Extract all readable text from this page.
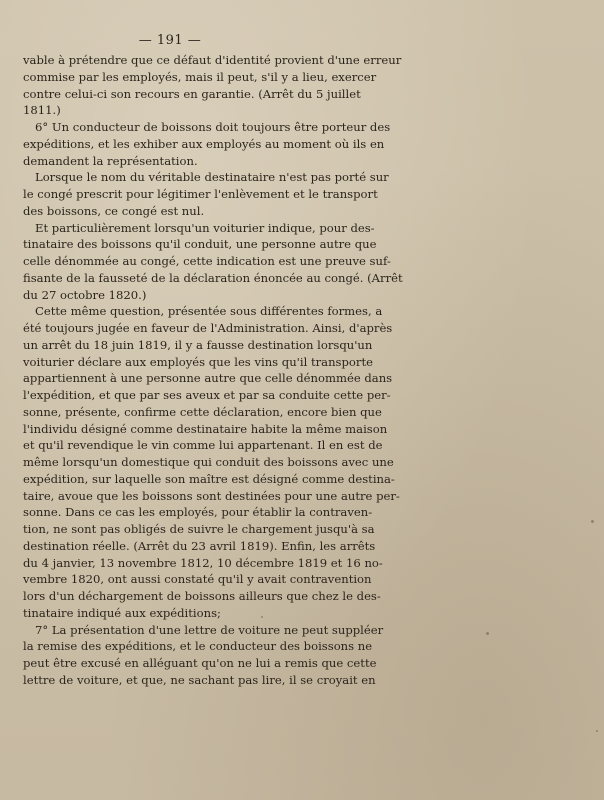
— 191 —
vable à prétendre que ce défaut d'identité provient d'une erreur
commise par les employés, mais il peut, s'il y a lieu, exercer
contre celui-ci son recours en garantie. (Arrêt du 5 juillet
1811.)
6° Un conducteur de boissons doit toujours être porteur des
expéditions, et les exhiber aux employés au moment où ils en
demandent la représentation.
Lorsque le nom du véritable destinataire n'est pas porté sur
le congé prescrit pour légitimer l'enlèvement et le transport
des boissons, ce congé est nul.
Et particulièrement lorsqu'un voiturier indique, pour des-
tinataire des boissons qu'il conduit, une personne autre que
celle dénommée au congé, cette indication est une preuve suf-
fisante de la fausseté de la déclaration énoncée au congé. (Arrêt
du 27 octobre 1820.)
Cette même question, présentée sous différentes formes, a
été toujours jugée en faveur de l'Administration. Ainsi, d'après
un arrêt du 18 juin 1819, il y a fausse destination lorsqu'un
voiturier déclare aux employés que les vins qu'il transporte
appartiennent à une personne autre que celle dénommée dans
l'expédition, et que par ses aveux et par sa conduite cette per-
sonne, présente, confirme cette déclaration, encore bien que
l'individu désigné comme destinataire habite la même maison
et qu'il revendique le vin comme lui appartenant. Il en est de
même lorsqu'un domestique qui conduit des boissons avec une
expédition, sur laquelle son maître est désigné comme destina-
taire, avoue que les boissons sont destinées pour une autre per-
sonne. Dans ce cas les employés, pour établir la contraven-
tion, ne sont pas obligés de suivre le chargement jusqu'à sa
destination réelle. (Arrêt du 23 avril 1819). Enfin, les arrêts
du 4 janvier, 13 novembre 1812, 10 décembre 1819 et 16 no-
vembre 1820, ont aussi constaté qu'il y avait contravention
lors d'un déchargement de boissons ailleurs que chez le des-
tinataire indiqué aux expéditions;
7° La présentation d'une lettre de voiture ne peut suppléer
la remise des expéditions, et le conducteur des boissons ne
peut être excusé en alléguant qu'on ne lui a remis que cette
lettre de voiture, et que, ne sachant pas lire, il se croyait en
